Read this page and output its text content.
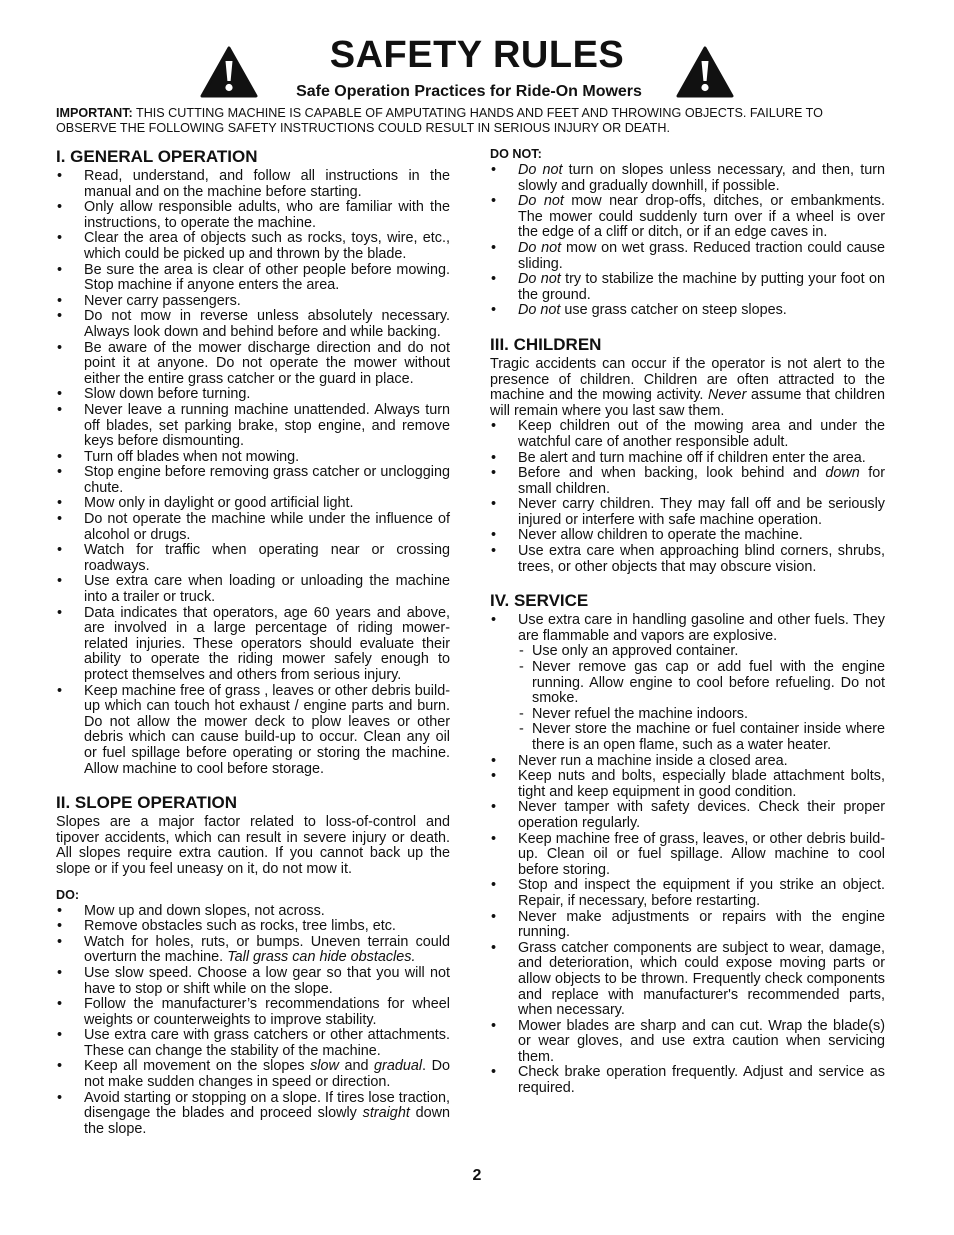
SAFETY RULES
Safe Operation Practices for Ride-On Mowers
IMPORTANT: THIS CUTTING MACHINE IS CAPABLE OF AMPUTATING HANDS AND FEET AND THROWING OBJECTS. FAILURE TO OBSERVE THE FOLLOWING SAFETY INSTRUCTIONS COULD RESULT IN SERIOUS INJURY OR DEATH.
I. GENERAL OPERATION
• Read, understand, and follow all instructions in the manual and on the machine before starting.
• Only allow responsible adults, who are familiar with the instructions, to operate the machine.
• Clear the area of objects such as rocks, toys, wire, etc., which could be picked up and thrown by the blade.
• Be sure the area is clear of other people before mowing. Stop machine if anyone enters the area.
• Never carry passengers.
• Do not mow in reverse unless absolutely necessary. Always look down and behind before and while backing.
• Be aware of the mower discharge direction and do not point it at anyone. Do not operate the mower without either the entire grass catcher or the guard in place.
• Slow down before turning.
• Never leave a running machine unattended. Always turn off blades, set parking brake, stop engine, and remove keys before dismounting.
• Turn off blades when not mowing.
• Stop engine before removing grass catcher or unclogging chute.
• Mow only in daylight or good artificial light.
• Do not operate the machine while under the influence of alcohol or drugs.
• Watch for traffic when operating near or crossing roadways.
• Use extra care when loading or unloading the machine into a trailer or truck.
• Data indicates that operators, age 60 years and above, are involved in a large percentage of riding mower-related injuries. These operators should evaluate their ability to operate the riding mower safely enough to protect themselves and others from serious injury.
• Keep machine free of grass , leaves or other debris build-up which can touch hot exhaust / engine parts and burn. Do not allow the mower deck to plow leaves or other debris which can cause build-up to occur. Clean any oil or fuel spillage before operating or storing the machine. Allow machine to cool before storage.
II. SLOPE OPERATION

Slopes are a major factor related to loss-of-control and tipover accidents, which can result in severe injury or death. All slopes require extra caution. If you cannot back up the slope or if you feel uneasy on it, do not mow it.

DO:
• Mow up and down slopes, not across.
• Remove obstacles such as rocks, tree limbs, etc.
• Watch for holes, ruts, or bumps. Uneven terrain could overturn the machine. Tall grass can hide obstacles.
• Use slow speed. Choose a low gear so that you will not have to stop or shift while on the slope.
• Follow the manufacturer’s recommendations for wheel weights or counterweights to improve stability.
• Use extra care with grass catchers or other attachments. These can change the stability of the machine.
• Keep all movement on the slopes slow and gradual. Do not make sudden changes in speed or direction.
• Avoid starting or stopping on a slope. If tires lose traction, disengage the blades and proceed slowly straight down the slope.
DO NOT:
• Do not turn on slopes unless necessary, and then, turn slowly and gradually downhill, if possible.
• Do not mow near drop-offs, ditches, or embankments. The mower could suddenly turn over if a wheel is over the edge of a cliff or ditch, or if an edge caves in.
• Do not mow on wet grass. Reduced traction could cause sliding.
• Do not try to stabilize the machine by putting your foot on the ground.
• Do not use grass catcher on steep slopes.
III. CHILDREN

Tragic accidents can occur if the operator is not alert to the presence of children. Children are often attracted to the machine and the mowing activity. Never assume that children will remain where you last saw them.

• Keep children out of the mowing area and under the watchful care of another responsible adult.
• Be alert and turn machine off if children enter the area.
• Before and when backing, look behind and down for small children.
• Never carry children. They may fall off and be seriously injured or interfere with safe machine operation.
• Never allow children to operate the machine.
• Use extra care when approaching blind corners, shrubs, trees, or other objects that may obscure vision.
IV. SERVICE
• Use extra care in handling gasoline and other fuels. They are flammable and vapors are explosive.
- Use only an approved container.
- Never remove gas cap or add fuel with the engine running. Allow engine to cool before refueling. Do not smoke.
- Never refuel the machine indoors.
- Never store the machine or fuel container inside where there is an open flame, such as a water heater.
• Never run a machine inside a closed area.
• Keep nuts and bolts, especially blade attachment bolts, tight and keep equipment in good condition.
• Never tamper with safety devices. Check their proper operation regularly.
• Keep machine free of grass, leaves, or other debris build-up. Clean oil or fuel spillage. Allow machine to cool before storing.
• Stop and inspect the equipment if you strike an object. Repair, if necessary, before restarting.
• Never make adjustments or repairs with the engine running.
• Grass catcher components are subject to wear, damage, and deterioration, which could expose moving parts or allow objects to be thrown. Frequently check components and replace with manufacturer's recommended parts, when necessary.
• Mower blades are sharp and can cut. Wrap the blade(s) or wear gloves, and use extra caution when servicing them.
• Check brake operation frequently. Adjust and service as required.
2
